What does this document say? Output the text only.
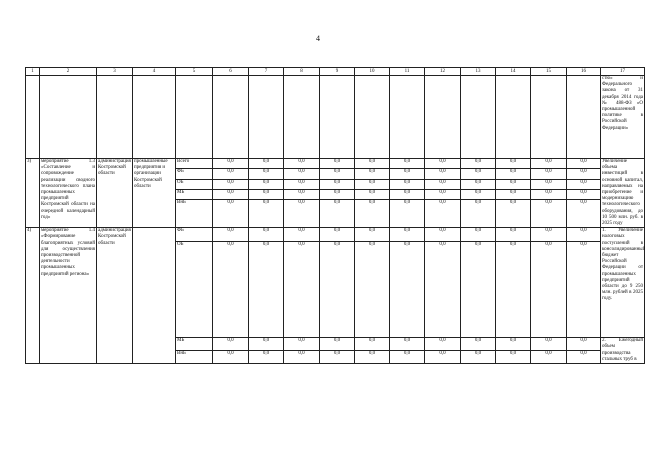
4
1	2	3	4	5	6	7	8	9	10	11	12	13	14	15	16	17
																стю» и Федерального закона от 31 декабря 2014 года № 488-ФЗ «О промышленной политике в Российской Федерации»
3)	мероприятие 1.3 «Составление и сопровождение реализации сводного технологического плана промышленных предприятий Костромской области на очередной календарный год»	администрация Костромской области	промышленные предприятия и организации Костромской области	Всего	0,0	0,0	0,0	0,0	0,0	0,0	0,0	0,0	0,0	0,0	0,0	Увеличение объема инвестиций в основной капитал, направляемых на приобретение и модернизацию технологического оборудования, до 10 500 млн. руб. в 2025 году
				ФБ	0,0	0,0	0,0	0,0	0,0	0,0	0,0	0,0	0,0	0,0	0,0	
				ОБ	0,0	0,0	0,0	0,0	0,0	0,0	0,0	0,0	0,0	0,0	0,0	
				МБ	0,0	0,0	0,0	0,0	0,0	0,0	0,0	0,0	0,0	0,0	0,0	
				ВнБ	0,0	0,0	0,0	0,0	0,0	0,0	0,0	0,0	0,0	0,0	0,0	
4)	мероприятие 1.4 «Формирование благоприятных условий для осуществления производственной деятельности промышленных предприятий региона»	администрация Костромской области		ФБ	0,0	0,0	0,0	0,0	0,0	0,0	0,0	0,0	0,0	0,0	0,0	1. Увеличение налоговых поступлений в консолидированный бюджет Российской Федерации от промышленных предприятий области до 9 250 млн. рублей в 2025 году.
				ОБ	0,0	0,0	0,0	0,0	0,0	0,0	0,0	0,0	0,0	0,0	0,0	
				МБ	0,0	0,0	0,0	0,0	0,0	0,0	0,0	0,0	0,0	0,0	0,0	2. Ежегодный объем производства стальных труб в
				ВнБ	0,0	0,0	0,0	0,0	0,0	0,0	0,0	0,0	0,0	0,0	0,0	
